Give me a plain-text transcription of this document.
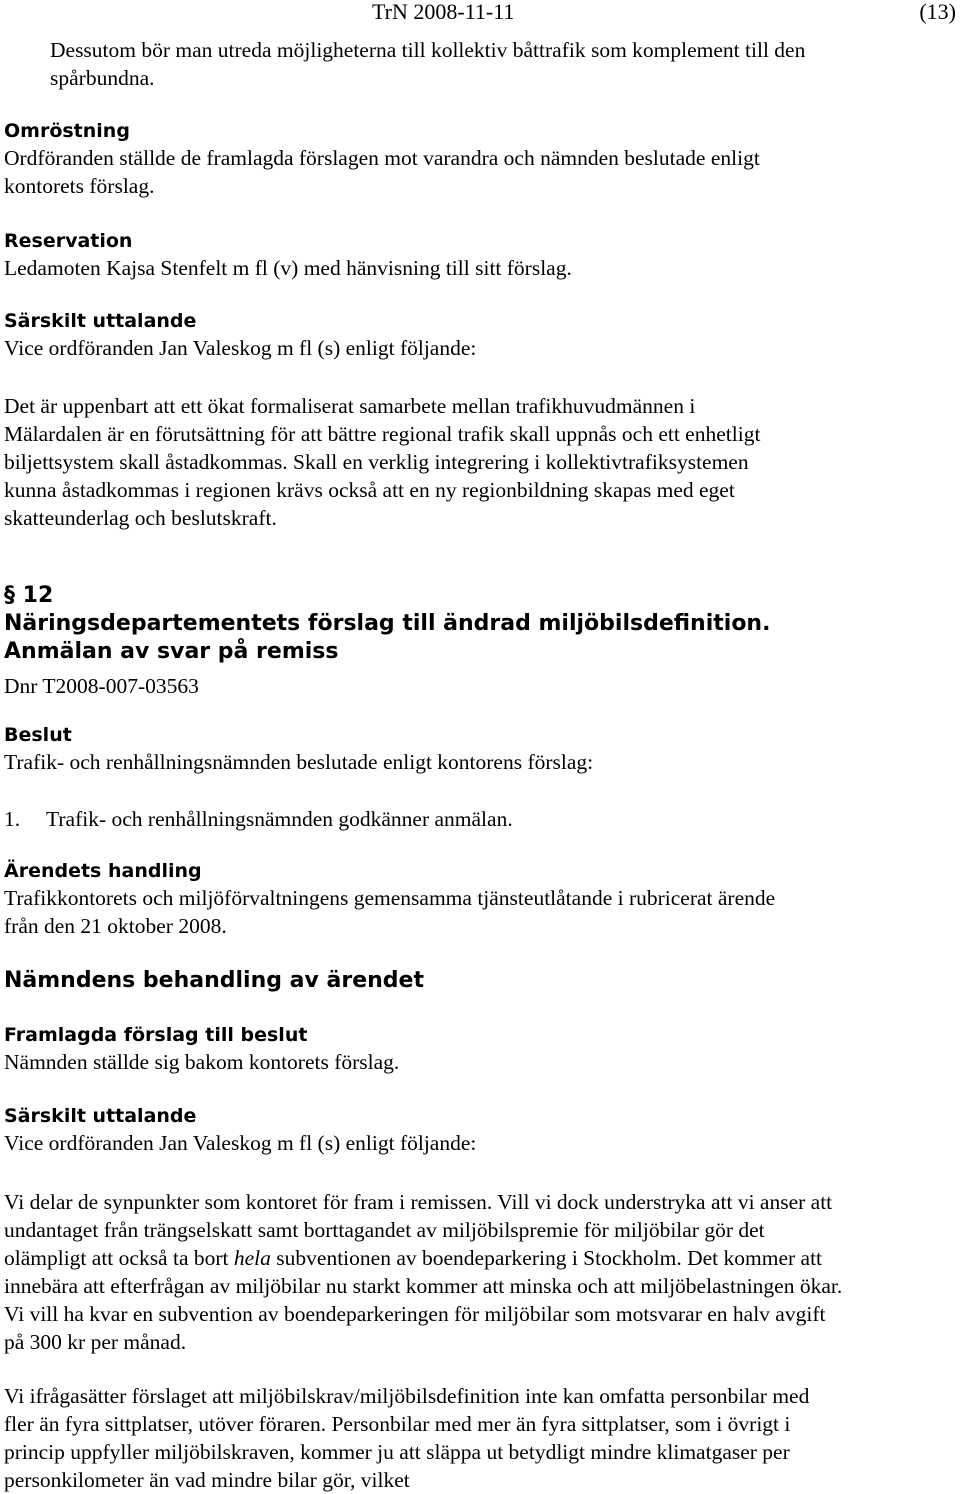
TrN 2008-11-11	(13)

Dessutom bör man utreda möjligheterna till kollektiv båttrafik som komplement till den spårbundna.

Omröstning

Ordföranden ställde de framlagda förslagen mot varandra och nämnden beslutade enligt kontorets förslag.

Reservation

Ledamoten Kajsa Stenfelt m fl (v) med hänvisning till sitt förslag.

Särskilt uttalande

Vice ordföranden Jan Valeskog m fl (s) enligt följande:

Det är uppenbart att ett ökat formaliserat samarbete mellan trafikhuvudmännen i Mälardalen är en förutsättning för att bättre regional trafik skall uppnås och ett enhetligt biljettsystem skall åstadkommas. Skall en verklig integrering i kollektivtrafiksystemen kunna åstadkommas i regionen krävs också att en ny regionbildning skapas med eget skatteunderlag och beslutskraft.

§ 12

Näringsdepartementets förslag till ändrad miljöbilsdefinition. Anmälan av svar på remiss

Dnr T2008-007-03563

Beslut

Trafik- och renhållningsnämnden beslutade enligt kontorens förslag:

1. Trafik- och renhållningsnämnden godkänner anmälan.

Ärendets handling

Trafikkontorets och miljöförvaltningens gemensamma tjänsteutlåtande i rubricerat ärende från den 21 oktober 2008.

Nämndens behandling av ärendet

Framlagda förslag till beslut

Nämnden ställde sig bakom kontorets förslag.

Särskilt uttalande

Vice ordföranden Jan Valeskog m fl (s) enligt följande:

Vi delar de synpunkter som kontoret för fram i remissen. Vill vi dock understryka att vi anser att undantaget från trängselskatt samt borttagandet av miljöbilspremie för miljöbilar gör det olämpligt att också ta bort hela subventionen av boendeparkering i Stockholm. Det kommer att innebära att efterfrågan av miljöbilar nu starkt kommer att minska och att miljöbelastningen ökar. Vi vill ha kvar en subvention av boendeparkeringen för miljöbilar som motsvarar en halv avgift på 300 kr per månad.

Vi ifrågasätter förslaget att miljöbilskrav/miljöbilsdefinition inte kan omfatta personbilar med fler än fyra sittplatser, utöver föraren. Personbilar med mer än fyra sittplatser, som i övrigt i princip uppfyller miljöbilskraven, kommer ju att släppa ut betydligt mindre klimatgaser per personkilometer än vad mindre bilar gör, vilket
